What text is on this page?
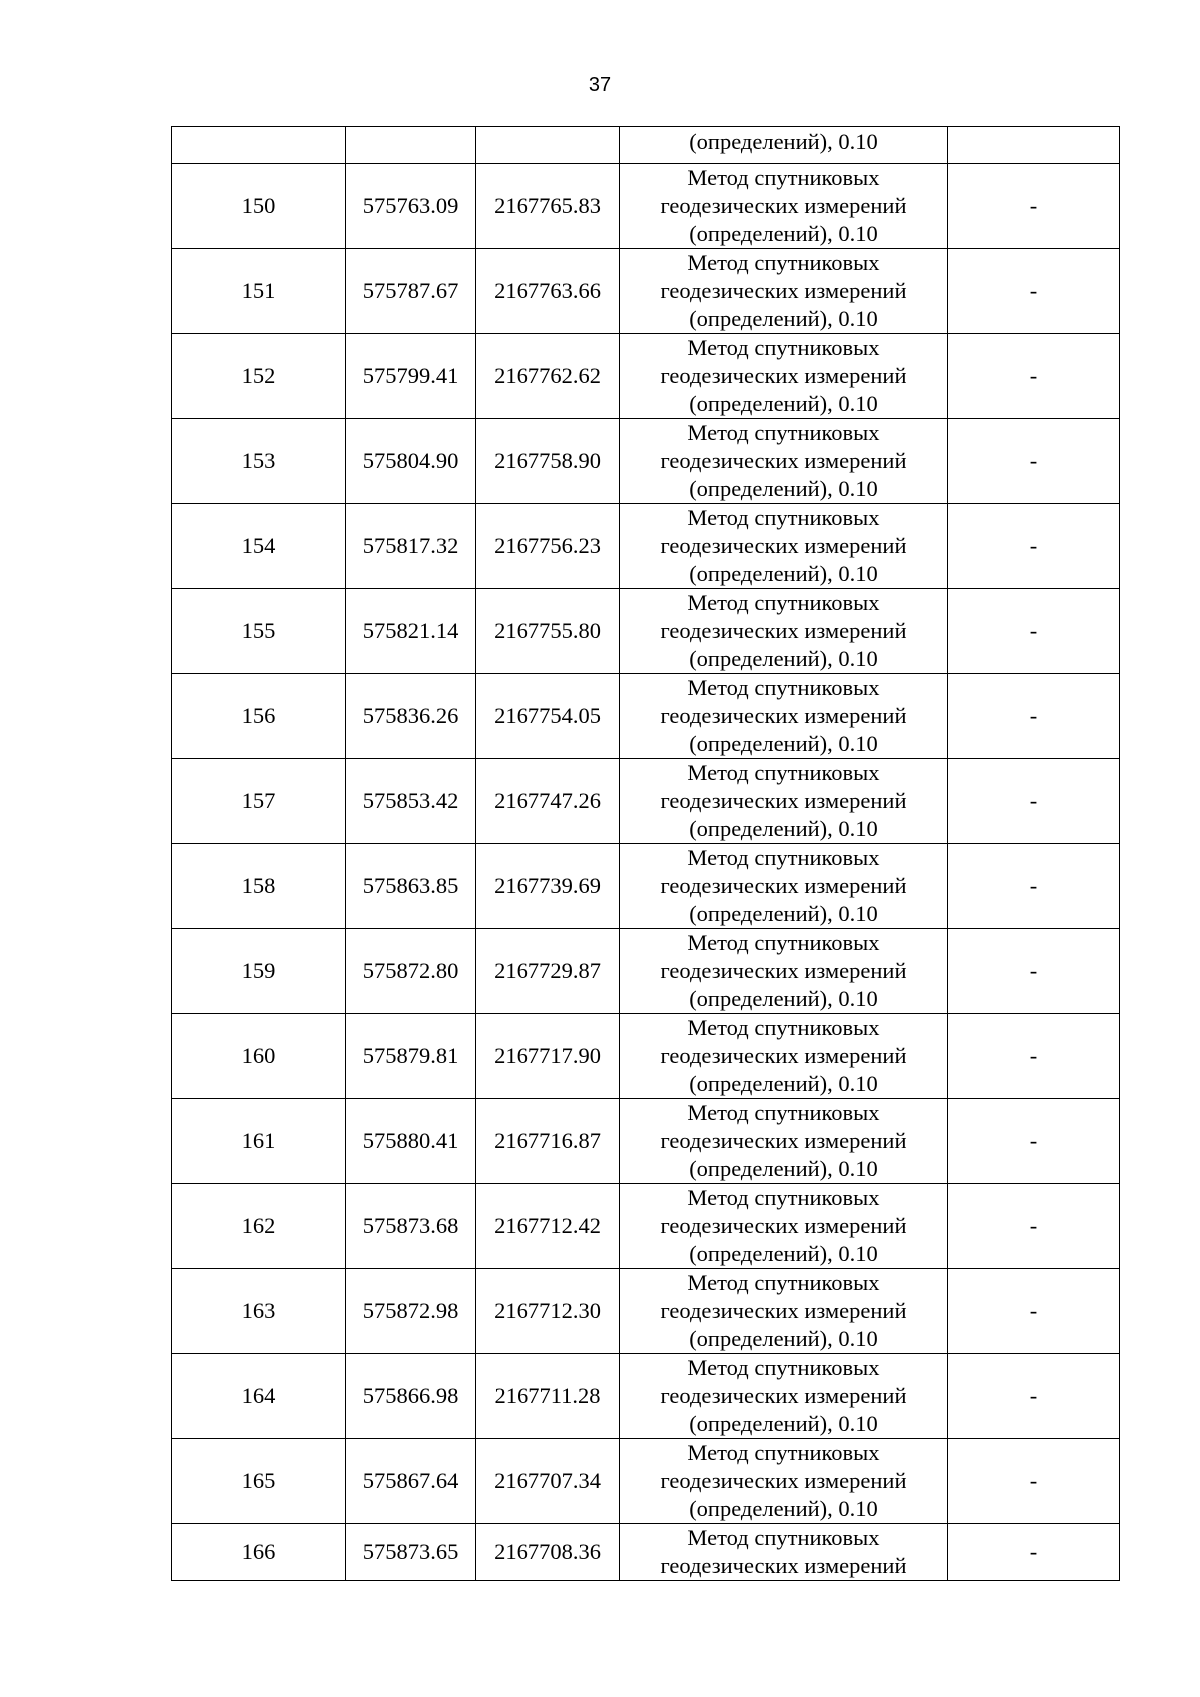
37
			(определений), 0.10	
150	575763.09	2167765.83	Метод спутниковых
геодезических измерений
(определений), 0.10	-
151	575787.67	2167763.66	Метод спутниковых
геодезических измерений
(определений), 0.10	-
152	575799.41	2167762.62	Метод спутниковых
геодезических измерений
(определений), 0.10	-
153	575804.90	2167758.90	Метод спутниковых
геодезических измерений
(определений), 0.10	-
154	575817.32	2167756.23	Метод спутниковых
геодезических измерений
(определений), 0.10	-
155	575821.14	2167755.80	Метод спутниковых
геодезических измерений
(определений), 0.10	-
156	575836.26	2167754.05	Метод спутниковых
геодезических измерений
(определений), 0.10	-
157	575853.42	2167747.26	Метод спутниковых
геодезических измерений
(определений), 0.10	-
158	575863.85	2167739.69	Метод спутниковых
геодезических измерений
(определений), 0.10	-
159	575872.80	2167729.87	Метод спутниковых
геодезических измерений
(определений), 0.10	-
160	575879.81	2167717.90	Метод спутниковых
геодезических измерений
(определений), 0.10	-
161	575880.41	2167716.87	Метод спутниковых
геодезических измерений
(определений), 0.10	-
162	575873.68	2167712.42	Метод спутниковых
геодезических измерений
(определений), 0.10	-
163	575872.98	2167712.30	Метод спутниковых
геодезических измерений
(определений), 0.10	-
164	575866.98	2167711.28	Метод спутниковых
геодезических измерений
(определений), 0.10	-
165	575867.64	2167707.34	Метод спутниковых
геодезических измерений
(определений), 0.10	-
166	575873.65	2167708.36	Метод спутниковых
геодезических измерений	-
